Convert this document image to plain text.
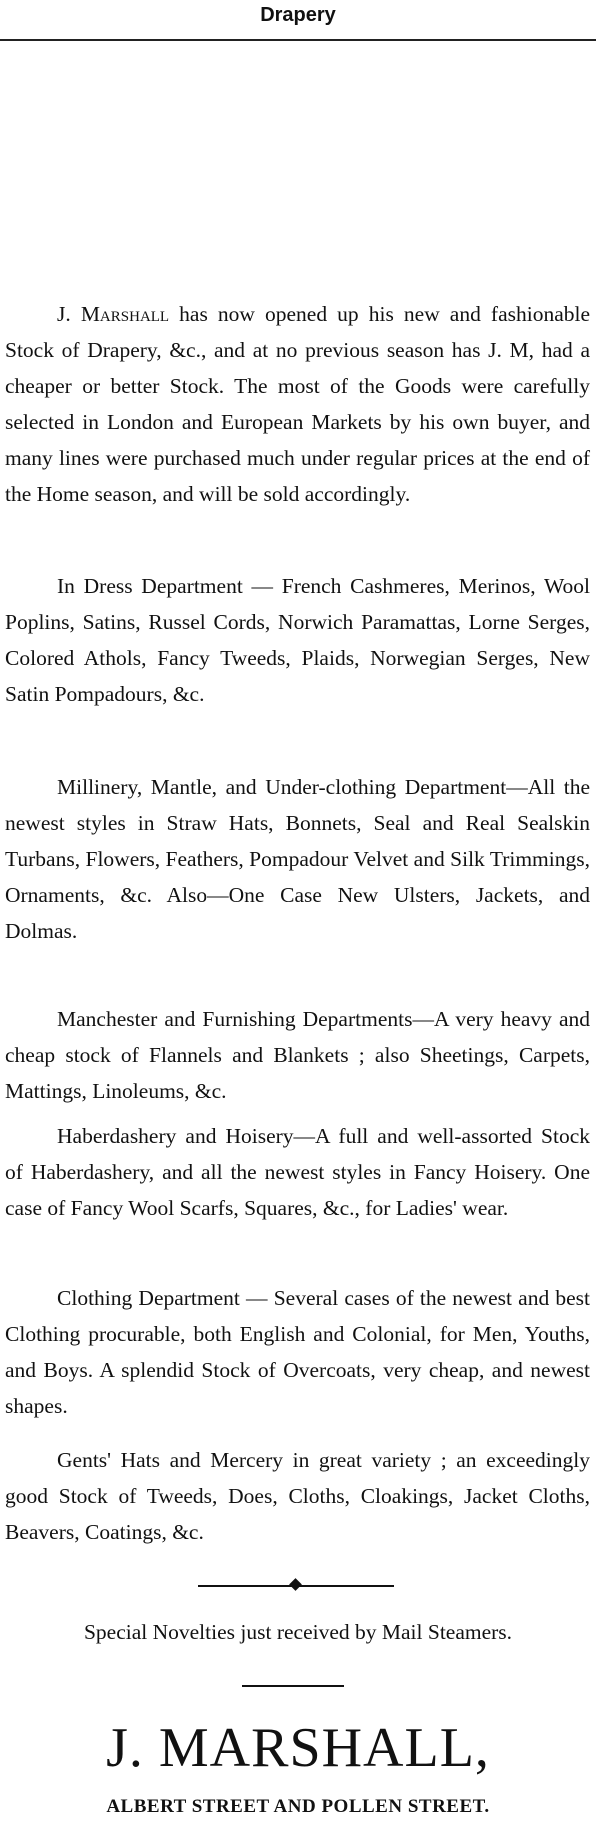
Drapery
J. Marshall has now opened up his new and fashionable Stock of Drapery, &c., and at no previous season has J. M, had a cheaper or better Stock. The most of the Goods were carefully selected in London and European Markets by his own buyer, and many lines were purchased much under regular prices at the end of the Home season, and will be sold accordingly.
In Dress Department — French Cashmeres, Merinos, Wool Poplins, Satins, Russel Cords, Norwich Paramattas, Lorne Serges, Colored Athols, Fancy Tweeds, Plaids, Norwegian Serges, New Satin Pompadours, &c.
Millinery, Mantle, and Under-clothing Department—All the newest styles in Straw Hats, Bonnets, Seal and Real Sealskin Turbans, Flowers, Feathers, Pompadour Velvet and Silk Trimmings, Ornaments, &c. Also—One Case New Ulsters, Jackets, and Dolmas.
Manchester and Furnishing Departments—A very heavy and cheap stock of Flannels and Blankets ; also Sheetings, Carpets, Mattings, Linoleums, &c.
Haberdashery and Hoisery—A full and well-assorted Stock of Haberdashery, and all the newest styles in Fancy Hoisery. One case of Fancy Wool Scarfs, Squares, &c., for Ladies' wear.
Clothing Department — Several cases of the newest and best Clothing procurable, both English and Colonial, for Men, Youths, and Boys. A splendid Stock of Overcoats, very cheap, and newest shapes.
Gents' Hats and Mercery in great variety ; an exceedingly good Stock of Tweeds, Does, Cloths, Cloakings, Jacket Cloths, Beavers, Coatings, &c.
Special Novelties just received by Mail Steamers.
J. MARSHALL,
ALBERT STREET AND POLLEN STREET.
